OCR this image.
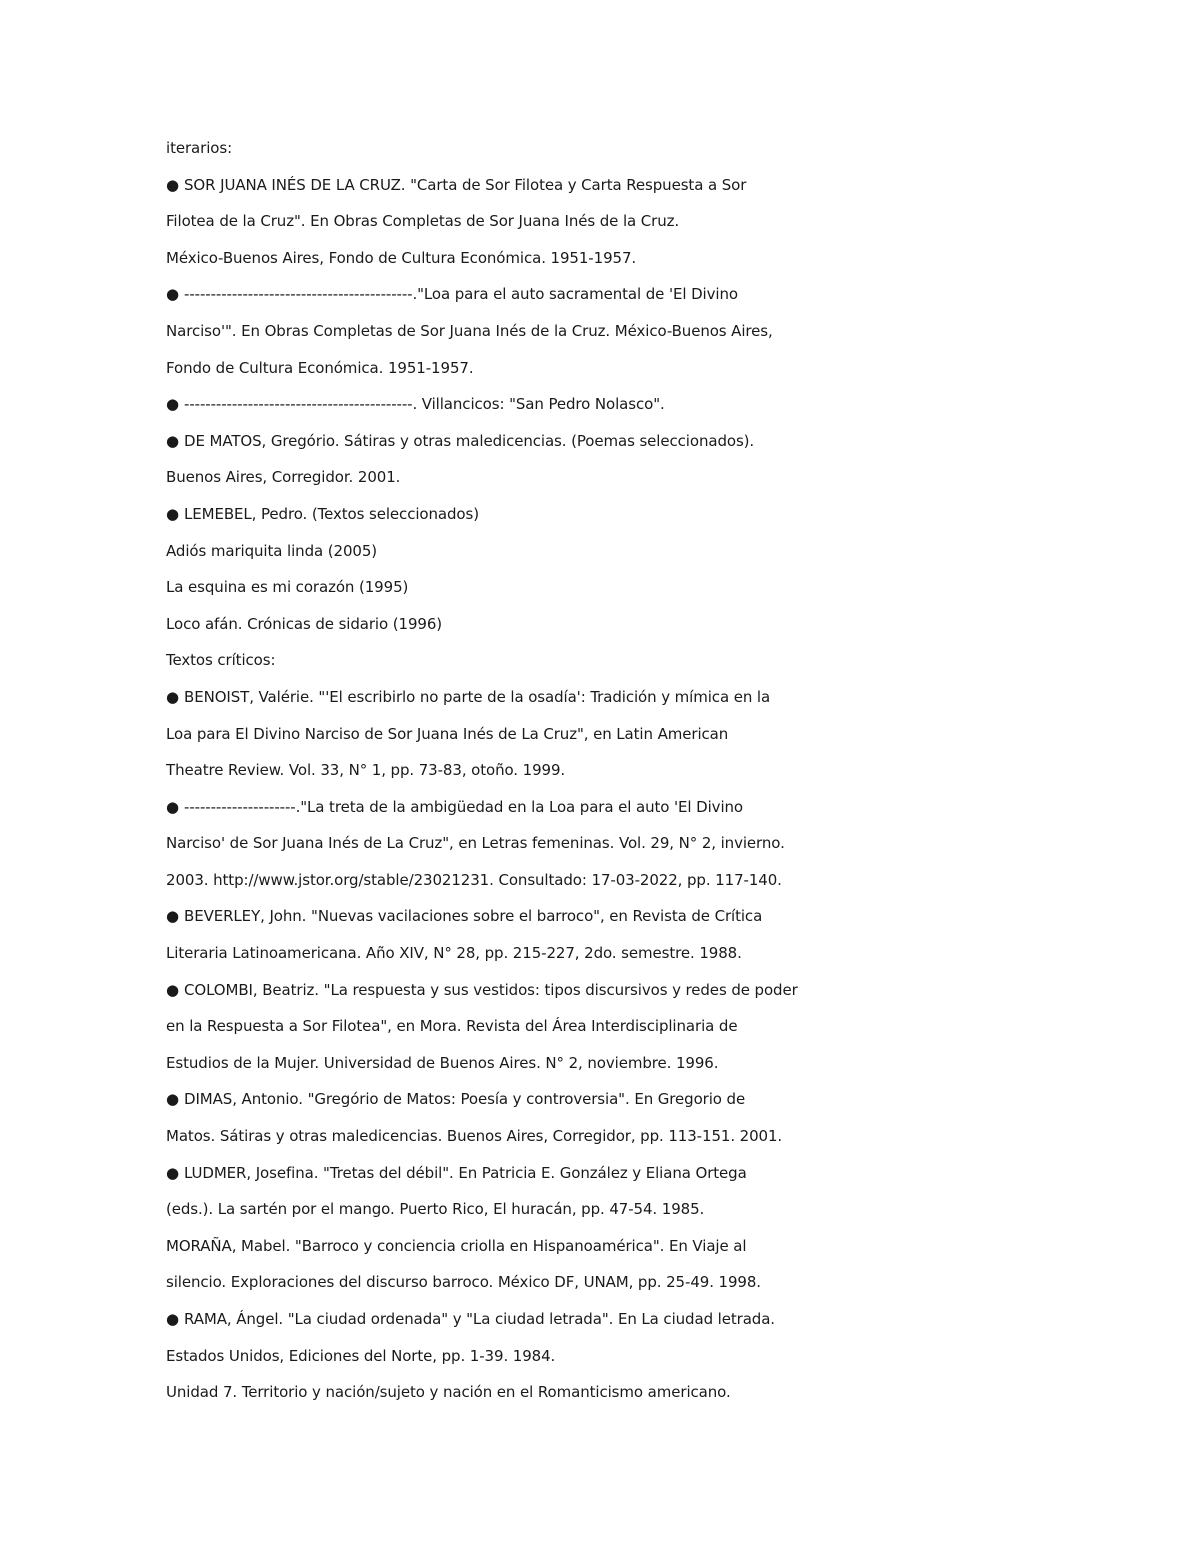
iterarios:
● SOR JUANA INÉS DE LA CRUZ. "Carta de Sor Filotea y Carta Respuesta a Sor
Filotea de la Cruz". En Obras Completas de Sor Juana Inés de la Cruz.
México-Buenos Aires, Fondo de Cultura Económica. 1951-1957.
● -------------------------------------------."Loa para el auto sacramental de 'El Divino
Narciso'". En Obras Completas de Sor Juana Inés de la Cruz. México-Buenos Aires,
Fondo de Cultura Económica. 1951-1957.
● -------------------------------------------. Villancicos: "San Pedro Nolasco".
● DE MATOS, Gregório. Sátiras y otras maledicencias. (Poemas seleccionados).
Buenos Aires, Corregidor. 2001.
● LEMEBEL, Pedro. (Textos seleccionados)
Adiós mariquita linda (2005)
La esquina es mi corazón (1995)
Loco afán. Crónicas de sidario (1996)
Textos críticos:
● BENOIST, Valérie. "'El escribirlo no parte de la osadía': Tradición y mímica en la
Loa para El Divino Narciso de Sor Juana Inés de La Cruz", en Latin American
Theatre Review. Vol. 33, N° 1, pp. 73-83, otoño. 1999.
● ---------------------."La treta de la ambigüedad en la Loa para el auto 'El Divino
Narciso' de Sor Juana Inés de La Cruz", en Letras femeninas. Vol. 29, N° 2, invierno.
2003. http://www.jstor.org/stable/23021231. Consultado: 17-03-2022, pp. 117-140.
● BEVERLEY, John. "Nuevas vacilaciones sobre el barroco", en Revista de Crítica
Literaria Latinoamericana. Año XIV, N° 28, pp. 215-227, 2do. semestre. 1988.
● COLOMBI, Beatriz. "La respuesta y sus vestidos: tipos discursivos y redes de poder
en la Respuesta a Sor Filotea", en Mora. Revista del Área Interdisciplinaria de
Estudios de la Mujer. Universidad de Buenos Aires. N° 2, noviembre. 1996.
● DIMAS, Antonio. "Gregório de Matos: Poesía y controversia". En Gregorio de
Matos. Sátiras y otras maledicencias. Buenos Aires, Corregidor, pp. 113-151. 2001.
● LUDMER, Josefina. "Tretas del débil". En Patricia E. González y Eliana Ortega
(eds.). La sartén por el mango. Puerto Rico, El huracán, pp. 47-54. 1985.
MORAÑA, Mabel. "Barroco y conciencia criolla en Hispanoamérica". En Viaje al
silencio. Exploraciones del discurso barroco. México DF, UNAM, pp. 25-49. 1998.
● RAMA, Ángel. "La ciudad ordenada" y "La ciudad letrada". En La ciudad letrada.
Estados Unidos, Ediciones del Norte, pp. 1-39. 1984.
Unidad 7. Territorio y nación/sujeto y nación en el Romanticismo americano.
